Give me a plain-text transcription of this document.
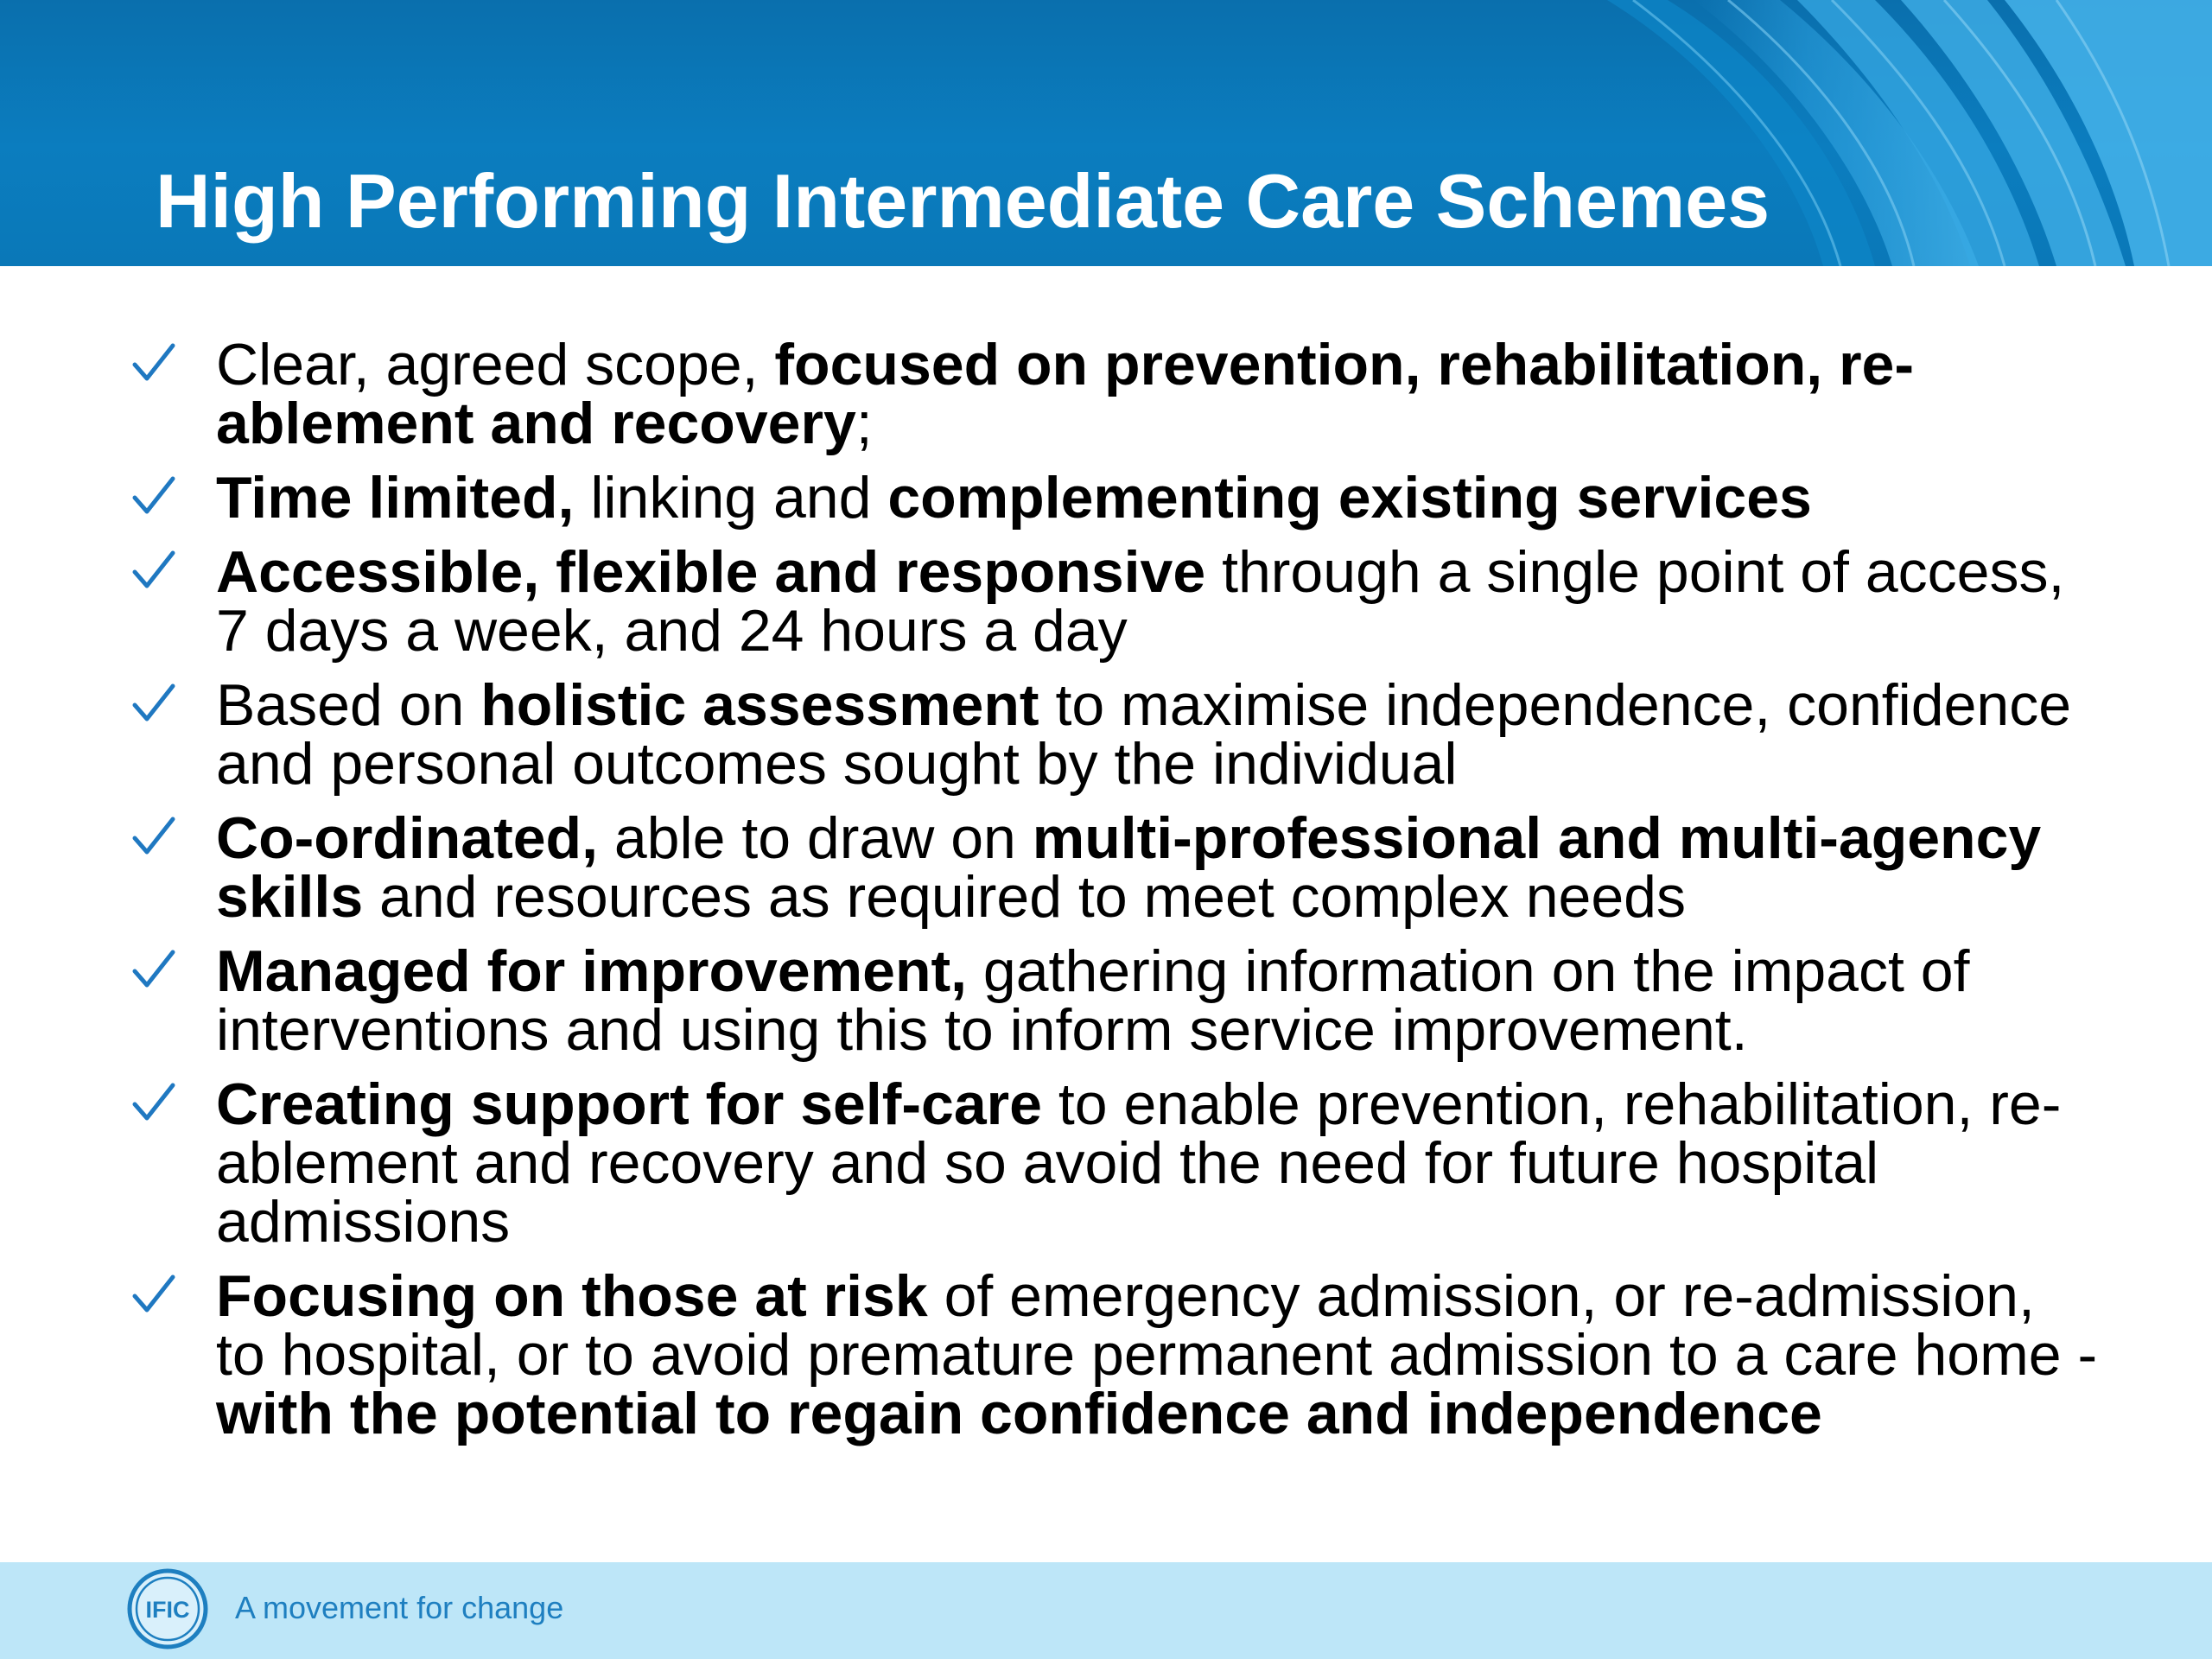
High Performing Intermediate Care Schemes
Clear, agreed scope, focused on prevention, rehabilitation, re-ablement and recovery;
Time limited, linking and complementing existing services
Accessible, flexible and responsive through a single point of access, 7 days a week, and 24 hours a day
Based on holistic assessment to maximise independence, confidence and personal outcomes sought by the individual
Co-ordinated, able to draw on multi-professional and multi-agency skills and resources as required to meet complex needs
Managed for improvement, gathering information on the impact of interventions and using this to inform service improvement.
Creating support for self-care to enable prevention, rehabilitation, re-ablement and recovery and so avoid the need for future hospital admissions
Focusing on those at risk of emergency admission, or re-admission, to hospital, or to avoid premature permanent admission to a care home - with the potential to regain confidence and independence
IFIC A movement for change
